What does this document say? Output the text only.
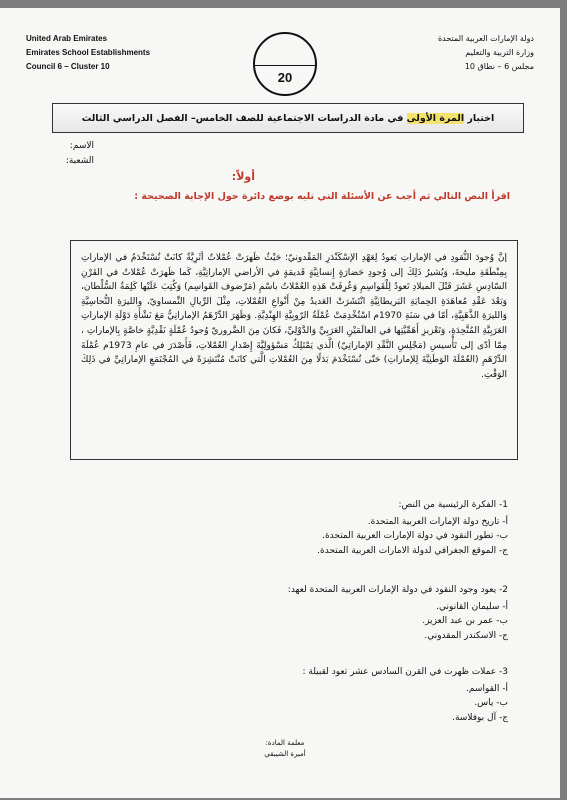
United Arab Emirates
Emirates School Establishments
Council 6 – Cluster 10
20
دولة الإمارات العربية المتحدة
وزارة التربية والتعليم
مجلس 6 – نطاق 10
اختبار المرة الأولى في مادة الدراسات الاجتماعية للصف الخامس– الفصل الدراسي الثالث
الاسم:
الشعبة:
أولاً:
اقرأ النص التالي ثم أجب عن الأسئلة التي تليه بوضع دائرة حول الإجابة الصحيحة :

إنَّ وُجودَ النُّقودِ في الإماراتِ يَعودُ لِعَهْدِ الإسْكَنْدَرِ المَقْدونيّ؛ حَيْثُ ظَهرَتْ عُمْلاتٌ أثَرِيَّةٌ كانَتْ تُسْتَخْدَمُ في الإماراتِ بِمِنْطَقَةِ مليحةَ، وَيُشيرُ ذَلِكَ إلى وُجودِ حَضارَةٍ إِنسانِيَّةٍ قَديمَةٍ في الأراضي الإماراتِيَّةِ، كَما ظَهرَتْ عُمْلاتٌ في القَرْنِ السّادِسِ عَشَرَ قَبْلَ الميلادِ تَعودُ لِلْقَواسِمِ وَعُرِفَتْ هَذِهِ العُمْلاتُ باسْمِ (مَرْضوف القَواسِم) وَكُتِبَ عَلَيْها كَلِمَةُ السُّلْطان، وَبَعْدَ عَقْدِ مُعاهَدَةِ الحِمايَةِ البَريطانِيَّةِ انْتَشَرَتْ العَديدُ مِنْ أَنْواعِ العُمْلاتِ، مِثْلَ الرِّيالِ النِّمساويّ، والليرَةِ النُّحاسِيَّةِ وَالليرَةِ الذَّهَبِيَّةِ، أمّا في سَنَةِ 1970م اسْتُخْدِمَتْ عُمْلَةُ الرّوبِيَّةِ الهِنْدِيَّةِ. وَظَهَرَ الدِّرْهَمُ الإماراتِيُّ مَعَ نَشْأَةِ دَوْلَةِ الإماراتِ العَرَبِيَّةِ المُتَّحِدَةِ، وَتَعْزيزِ أَهَمِّيَّتِها في العالَمَيْنِ العَرَبِيِّ وَالدَّوْلِيِّ، فَكانَ مِنَ الضَّروريّ وُجودُ عُمْلَةٍ نَقْدِيَّةٍ خاصَّةٍ بِالإماراتِ ، مِمّا أدّى إلى تَأْسيسِ (مَجْلِسِ النَّقْدِ الإماراتِيّ) الَّذي يَمْتَلِكُ مَسْؤولِيَّةَ إِصْدارِ العُمْلاتِ، فَأَصْدَرَ في عامِ 1973م عُمْلَةَ الدِّرْهَمِ (العُمْلَةَ الوَطَنِيَّةَ لِلإماراتِ) حَتّى تُسْتَخْدَمَ بَدَلًا مِنَ العُمْلاتِ الَّتي كانَتْ مُنْتَشِرَةً في المُجْتَمَعِ الإماراتِيِّ في ذَلِكَ الوَقْتِ.

1- الفكرة الرئيسية من النص:
أ- تاريخ دولة الإمارات العربية المتحدة.
ب- تطور النقود في دولة الإمارات العربية المتحدة.
ج- الموقع الجغرافي لدولة الامارات العربية المتحدة.
2- يعود وجود النقود في دولة الإمارات العربية المتحدة لعهد:
أ- سليمان القانوني.
ب- عمر بن عبد العزيز.
ج- الاسكندر المقدوني.
3- عملات ظهرت في القرن السادس عشر تعود لقبيلة :
أ- القواسم.
ب- ياس.
ج- آل بوفلاسة.
معلمة المادة:
أميرة الشيبقي
